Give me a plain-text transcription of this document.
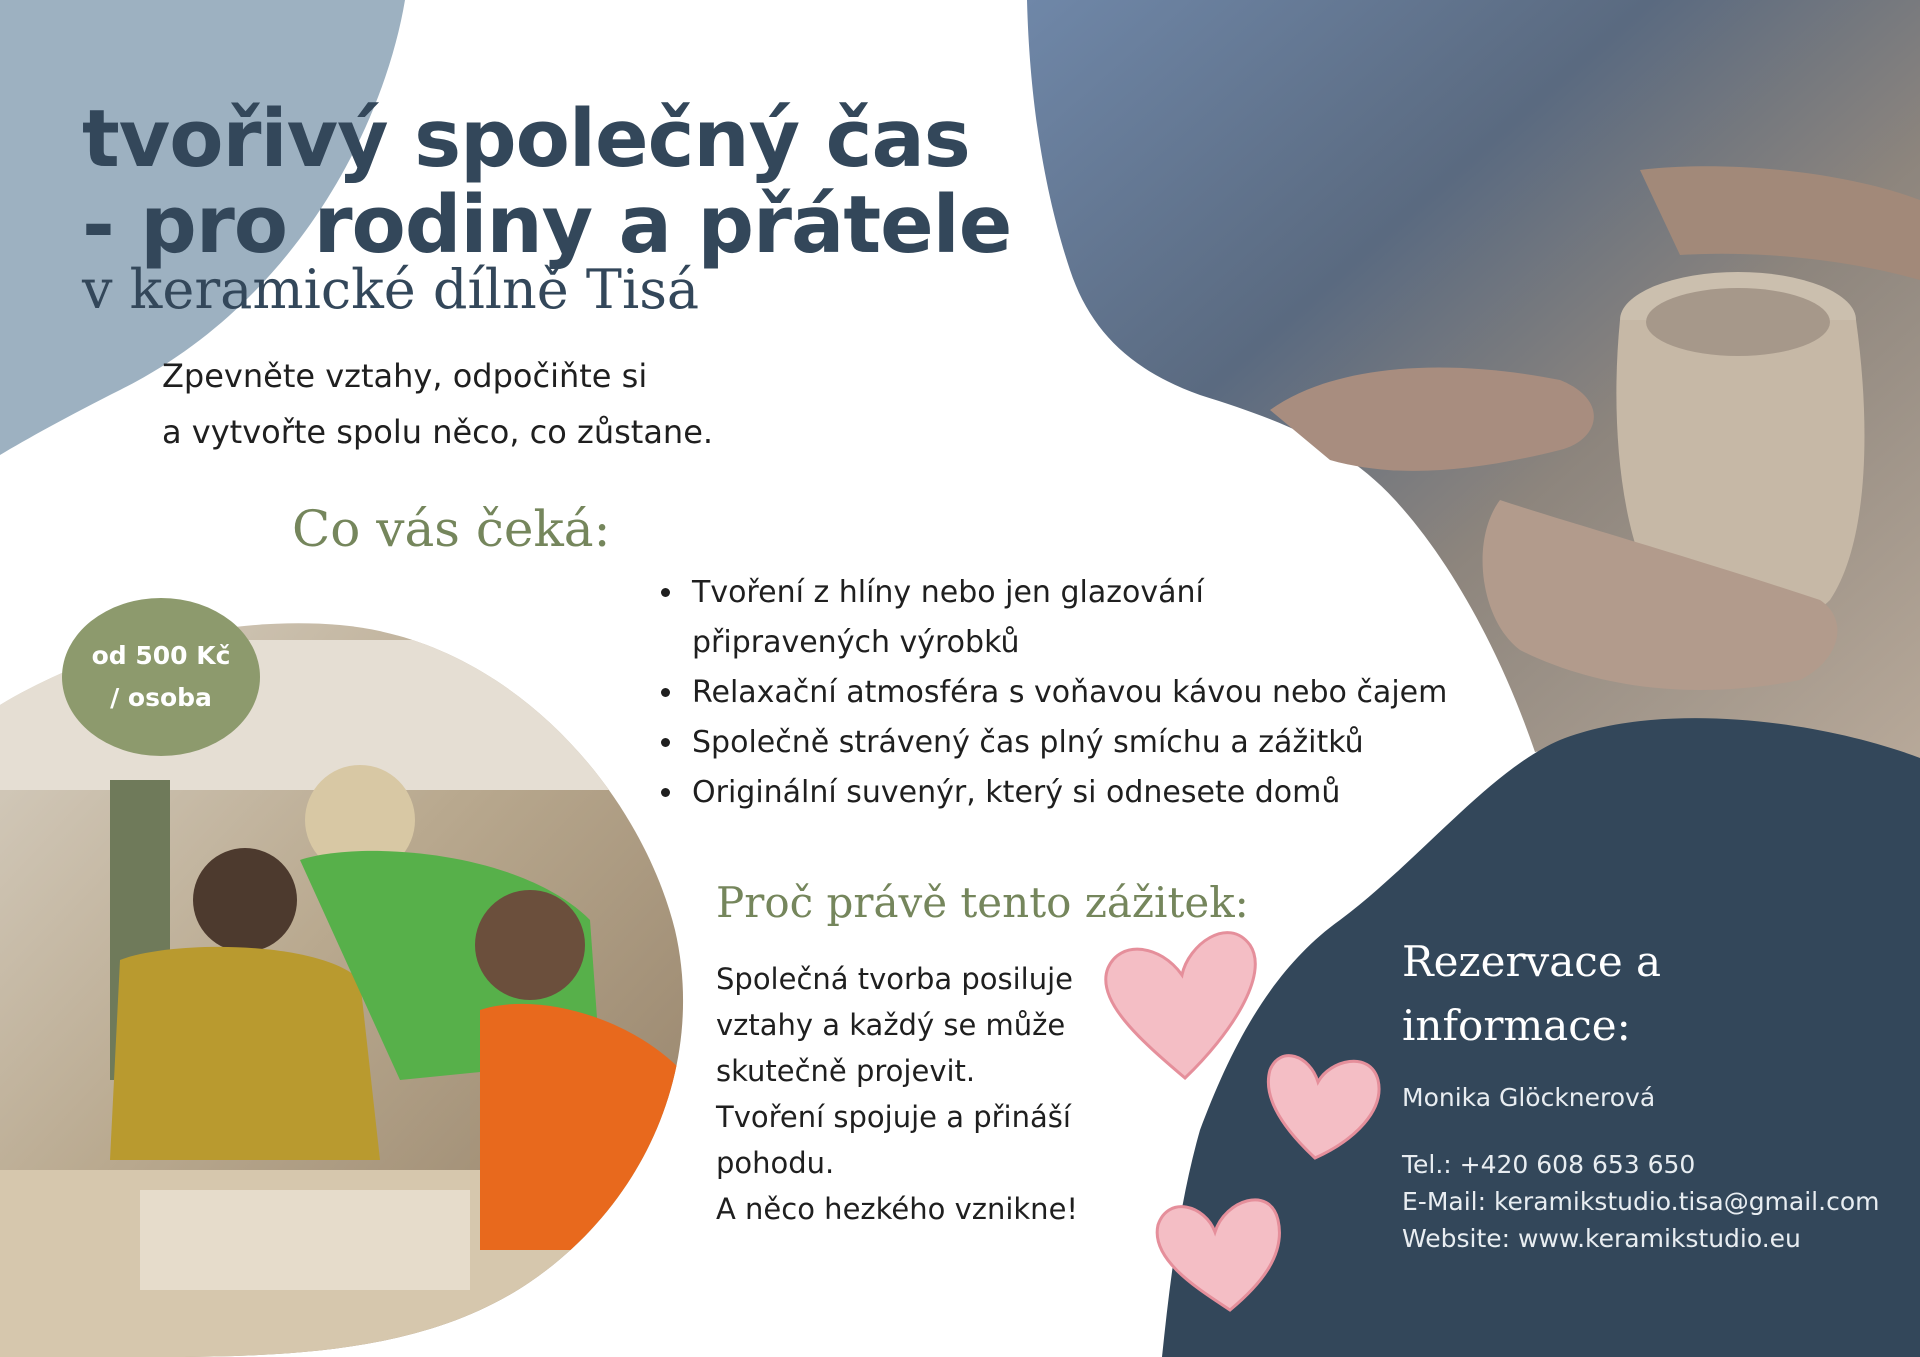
tvořivý společný čas
- pro rodiny a přátele
v keramické dílně Tisá
Zpevněte vztahy, odpočiňte si
a vytvořte spolu něco, co zůstane.
Co vás čeká:
• Tvoření z hlíny nebo jen glazování
připravených výrobků
• Relaxační atmosféra s voňavou kávou nebo čajem
• Společně strávený čas plný smíchu a zážitků
• Originální suvenýr, který si odnesete domů
od 500 Kč
/ osoba
Proč právě tento zážitek:
Společná tvorba posiluje
vztahy a každý se může
skutečně projevit.
Tvoření spojuje a přináší
pohodu.
A něco hezkého vznikne!
Rezervace a
informace:
Monika Glöcknerová
Tel.: +420 608 653 650
E-Mail: keramikstudio.tisa@gmail.com
Website: www.keramikstudio.eu
